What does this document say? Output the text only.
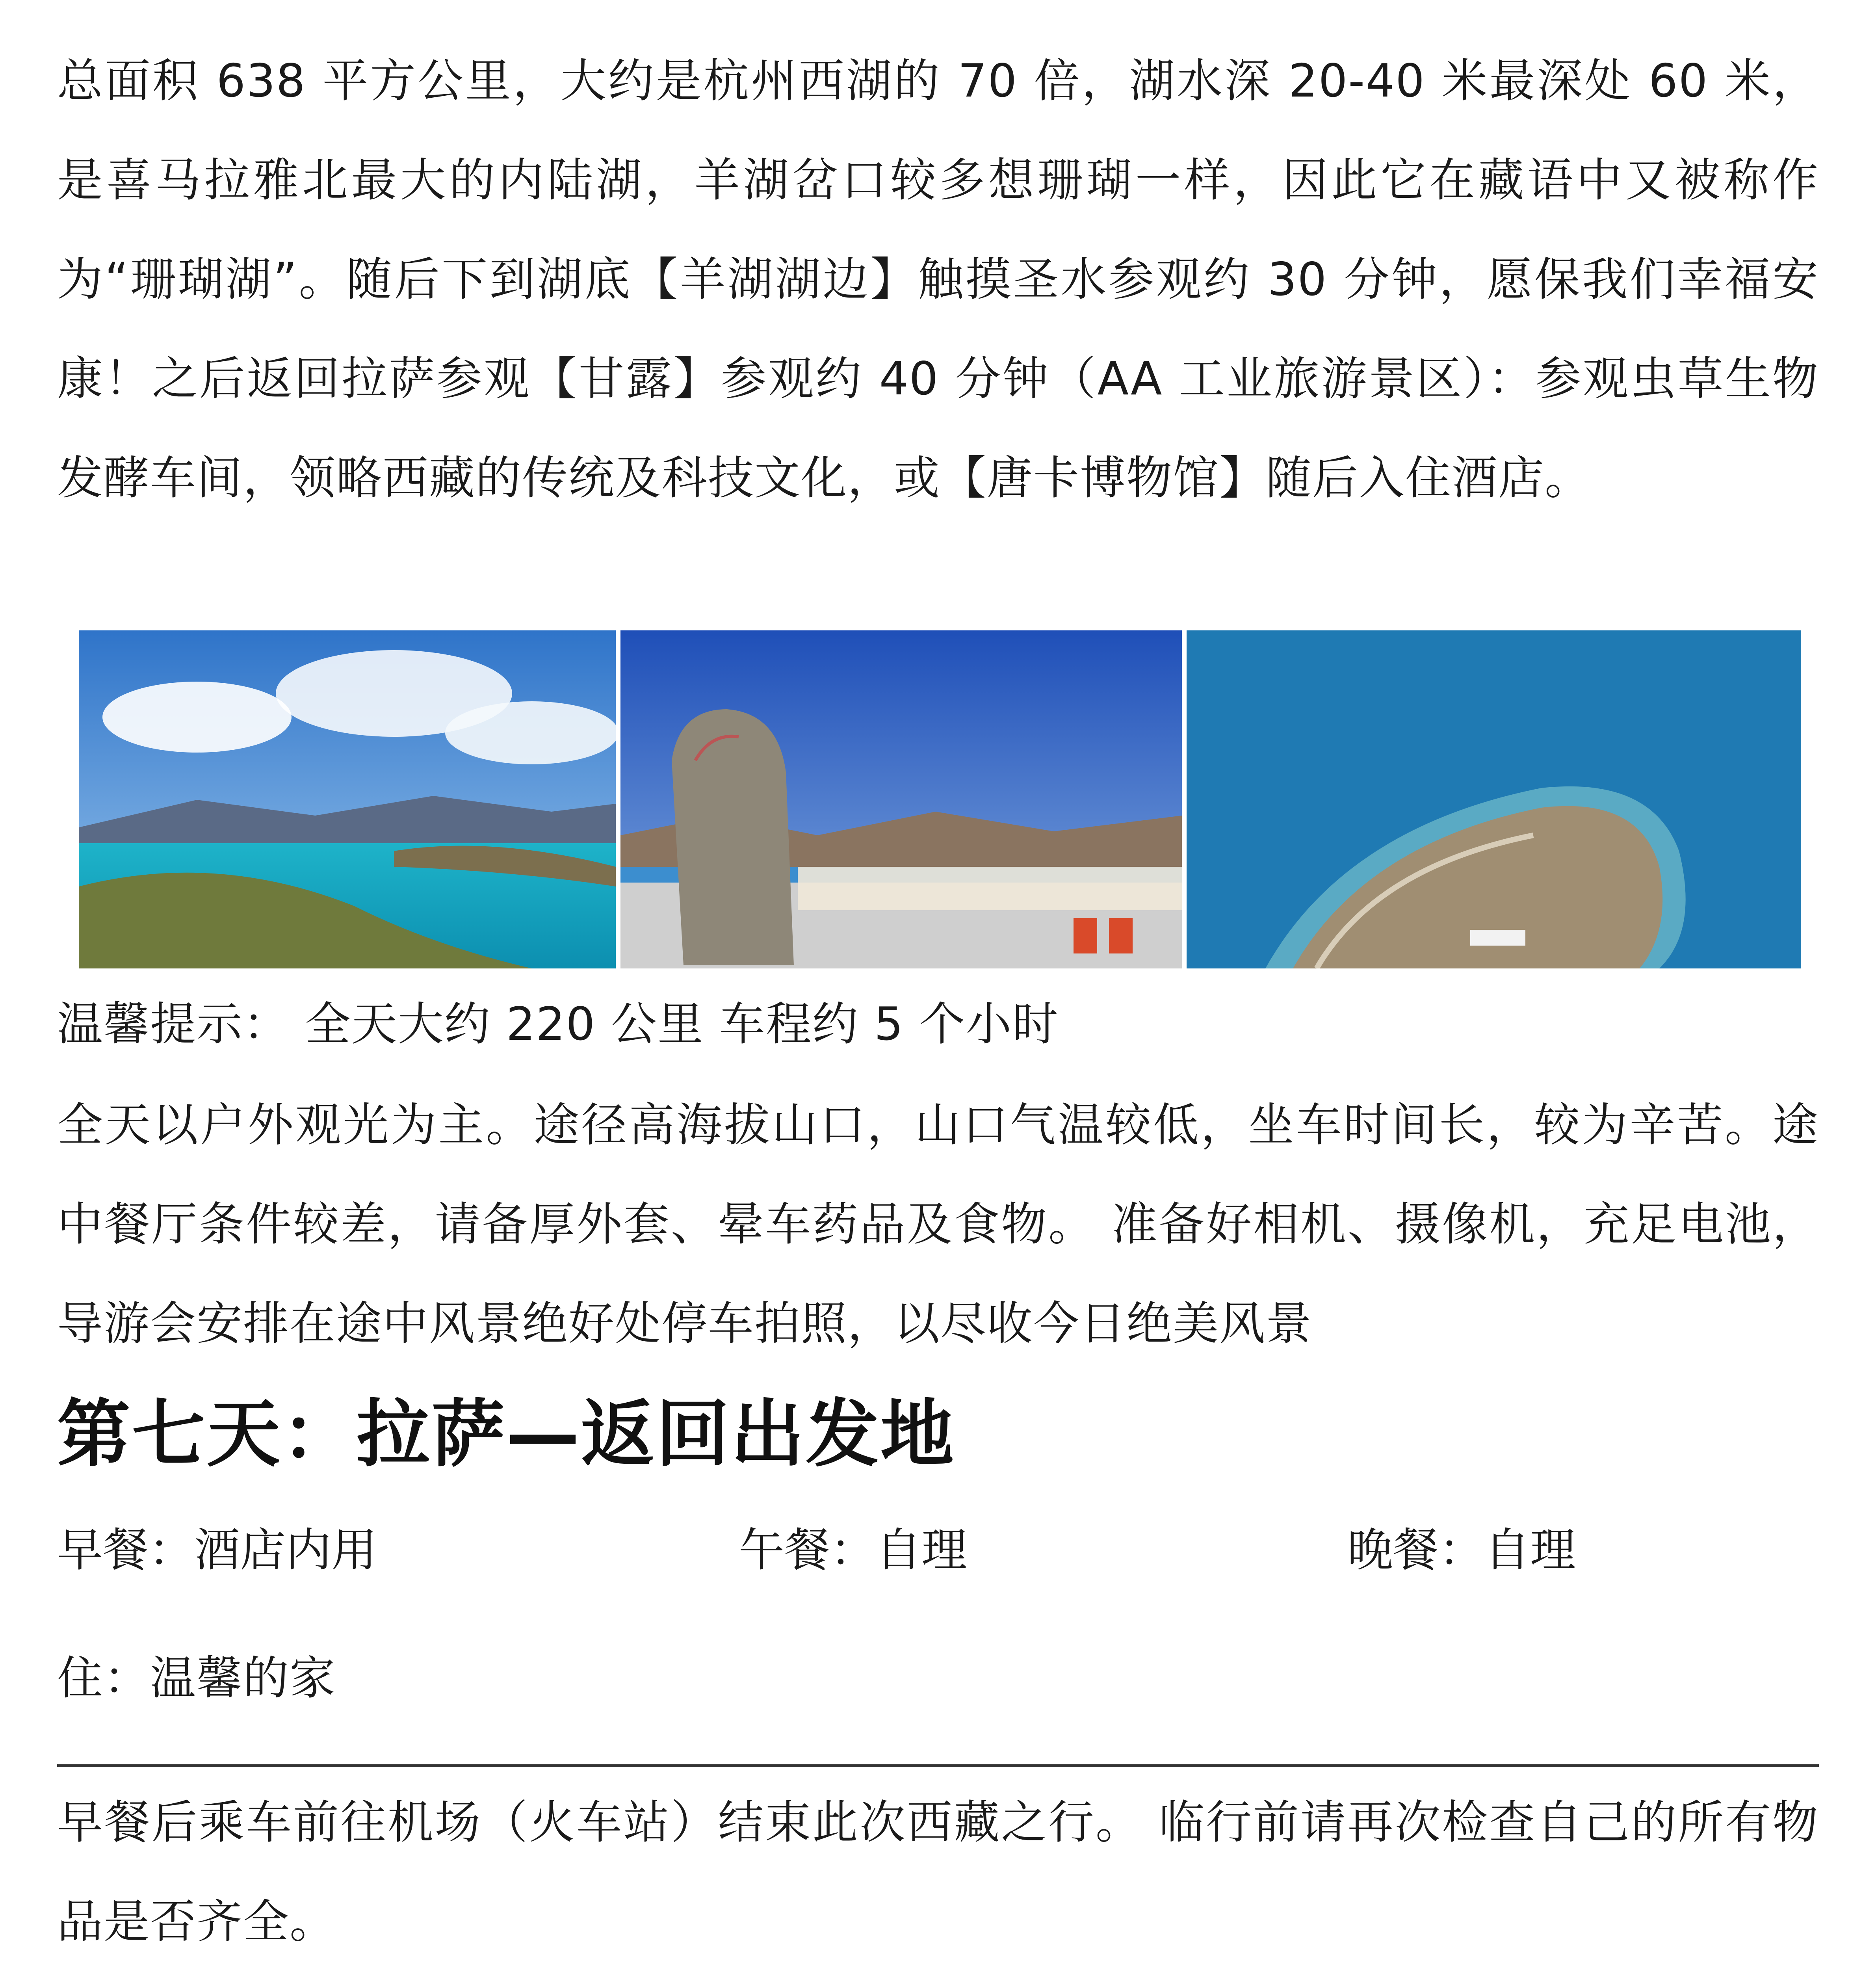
总面积 638 平方公里，大约是杭州西湖的 70 倍，湖水深 20-40 米最深处 60 米，是喜马拉雅北最大的内陆湖，羊湖岔口较多想珊瑚一样，因此它在藏语中又被称作为“珊瑚湖”。随后下到湖底【羊湖湖边】触摸圣水参观约 30 分钟，愿保我们幸福安康！之后返回拉萨参观【甘露】参观约 40 分钟（AA 工业旅游景区）：参观虫草生物发酵车间，领略西藏的传统及科技文化，或【唐卡博物馆】随后入住酒店。

温馨提示： 全天大约 220 公里 车程约 5 个小时

全天以户外观光为主。途径高海拔山口，山口气温较低，坐车时间长，较为辛苦。途中餐厅条件较差，请备厚外套、晕车药品及食物。 准备好相机、摄像机，充足电池，导游会安排在途中风景绝好处停车拍照，以尽收今日绝美风景

第七天：拉萨—返回出发地
早餐：酒店内用	午餐：自理	晚餐：自理
住：温馨的家

早餐后乘车前往机场（火车站）结束此次西藏之行。 临行前请再次检查自己的所有物品是否齐全。
